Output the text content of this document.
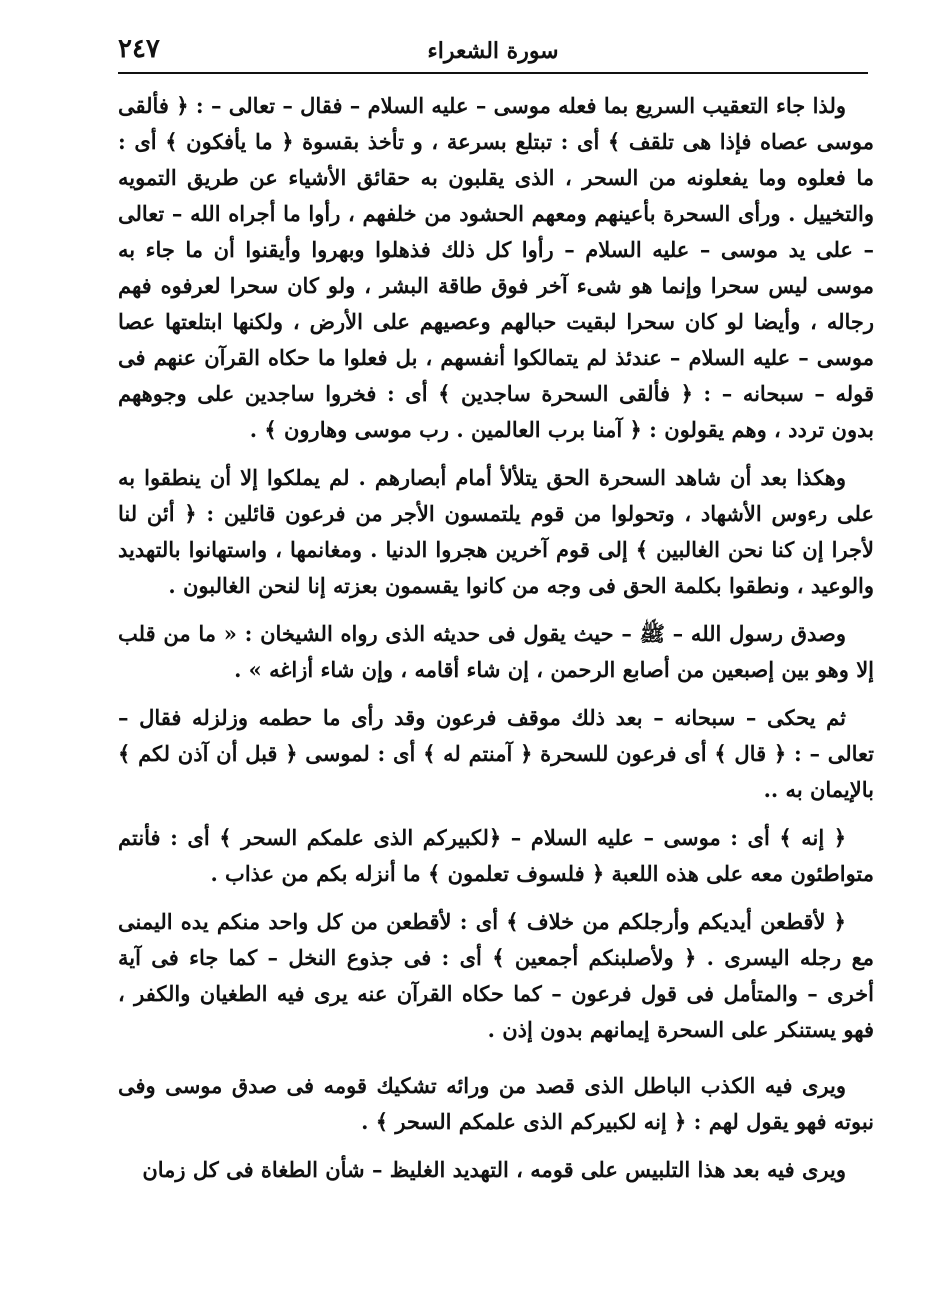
٢٤٧	سورة الشعراء

ولذا جاء التعقيب السريع بما فعله موسى – عليه السلام – فقال – تعالى – : ﴿ فألقى موسى عصاه فإذا هى تلقف ﴾ أى : تبتلع بسرعة ، و تأخذ بقسوة ﴿ ما يأفكون ﴾ أى : ما فعلوه وما يفعلونه من السحر ، الذى يقلبون به حقائق الأشياء عن طريق التمويه والتخييل . ورأى السحرة بأعينهم ومعهم الحشود من خلفهم ، رأوا ما أجراه الله – تعالى – على يد موسى – عليه السلام – رأوا كل ذلك فذهلوا وبهروا وأيقنوا أن ما جاء به موسى ليس سحرا وإنما هو شىء آخر فوق طاقة البشر ، ولو كان سحرا لعرفوه فهم رجاله ، وأيضا لو كان سحرا لبقيت حبالهم وعصيهم على الأرض ، ولكنها ابتلعتها عصا موسى – عليه السلام – عندئذ لم يتمالكوا أنفسهم ، بل فعلوا ما حكاه القرآن عنهم فى قوله – سبحانه – : ﴿ فألقى السحرة ساجدين ﴾ أى : فخروا ساجدين على وجوههم بدون تردد ، وهم يقولون : ﴿ آمنا برب العالمين . رب موسى وهارون ﴾ .

وهكذا بعد أن شاهد السحرة الحق يتلألأ أمام أبصارهم . لم يملكوا إلا أن ينطقوا به على رءوس الأشهاد ، وتحولوا من قوم يلتمسون الأجر من فرعون قائلين : ﴿ أئن لنا لأجرا إن كنا نحن الغالبين ﴾ إلى قوم آخرين هجروا الدنيا . ومغانمها ، واستهانوا بالتهديد والوعيد ، ونطقوا بكلمة الحق فى وجه من كانوا يقسمون بعزته إنا لنحن الغالبون .

وصدق رسول الله – ﷺ – حيث يقول فى حديثه الذى رواه الشيخان : « ما من قلب إلا وهو بين إصبعين من أصابع الرحمن ، إن شاء أقامه ، وإن شاء أزاغه » .

ثم يحكى – سبحانه – بعد ذلك موقف فرعون وقد رأى ما حطمه وزلزله فقال – تعالى – : ﴿ قال ﴾ أى فرعون للسحرة ﴿ آمنتم له ﴾ أى : لموسى ﴿ قبل أن آذن لكم ﴾ بالإيمان به ..

﴿ إنه ﴾ أى : موسى – عليه السلام – ﴿لكبيركم الذى علمكم السحر ﴾ أى : فأنتم متواطئون معه على هذه اللعبة ﴿ فلسوف تعلمون ﴾ ما أنزله بكم من عذاب .

﴿ لأقطعن أيديكم وأرجلكم من خلاف ﴾ أى : لأقطعن من كل واحد منكم يده اليمنى مع رجله اليسرى . ﴿ ولأصلبنكم أجمعين ﴾ أى : فى جذوع النخل – كما جاء فى آية أخرى – والمتأمل فى قول فرعون – كما حكاه القرآن عنه يرى فيه الطغيان والكفر ، فهو يستنكر على السحرة إيمانهم بدون إذن .

ويرى فيه الكذب الباطل الذى قصد من ورائه تشكيك قومه فى صدق موسى وفى نبوته فهو يقول لهم : ﴿ إنه لكبيركم الذى علمكم السحر ﴾ .

ويرى فيه بعد هذا التلبيس على قومه ، التهديد الغليظ – شأن الطغاة فى كل زمان
